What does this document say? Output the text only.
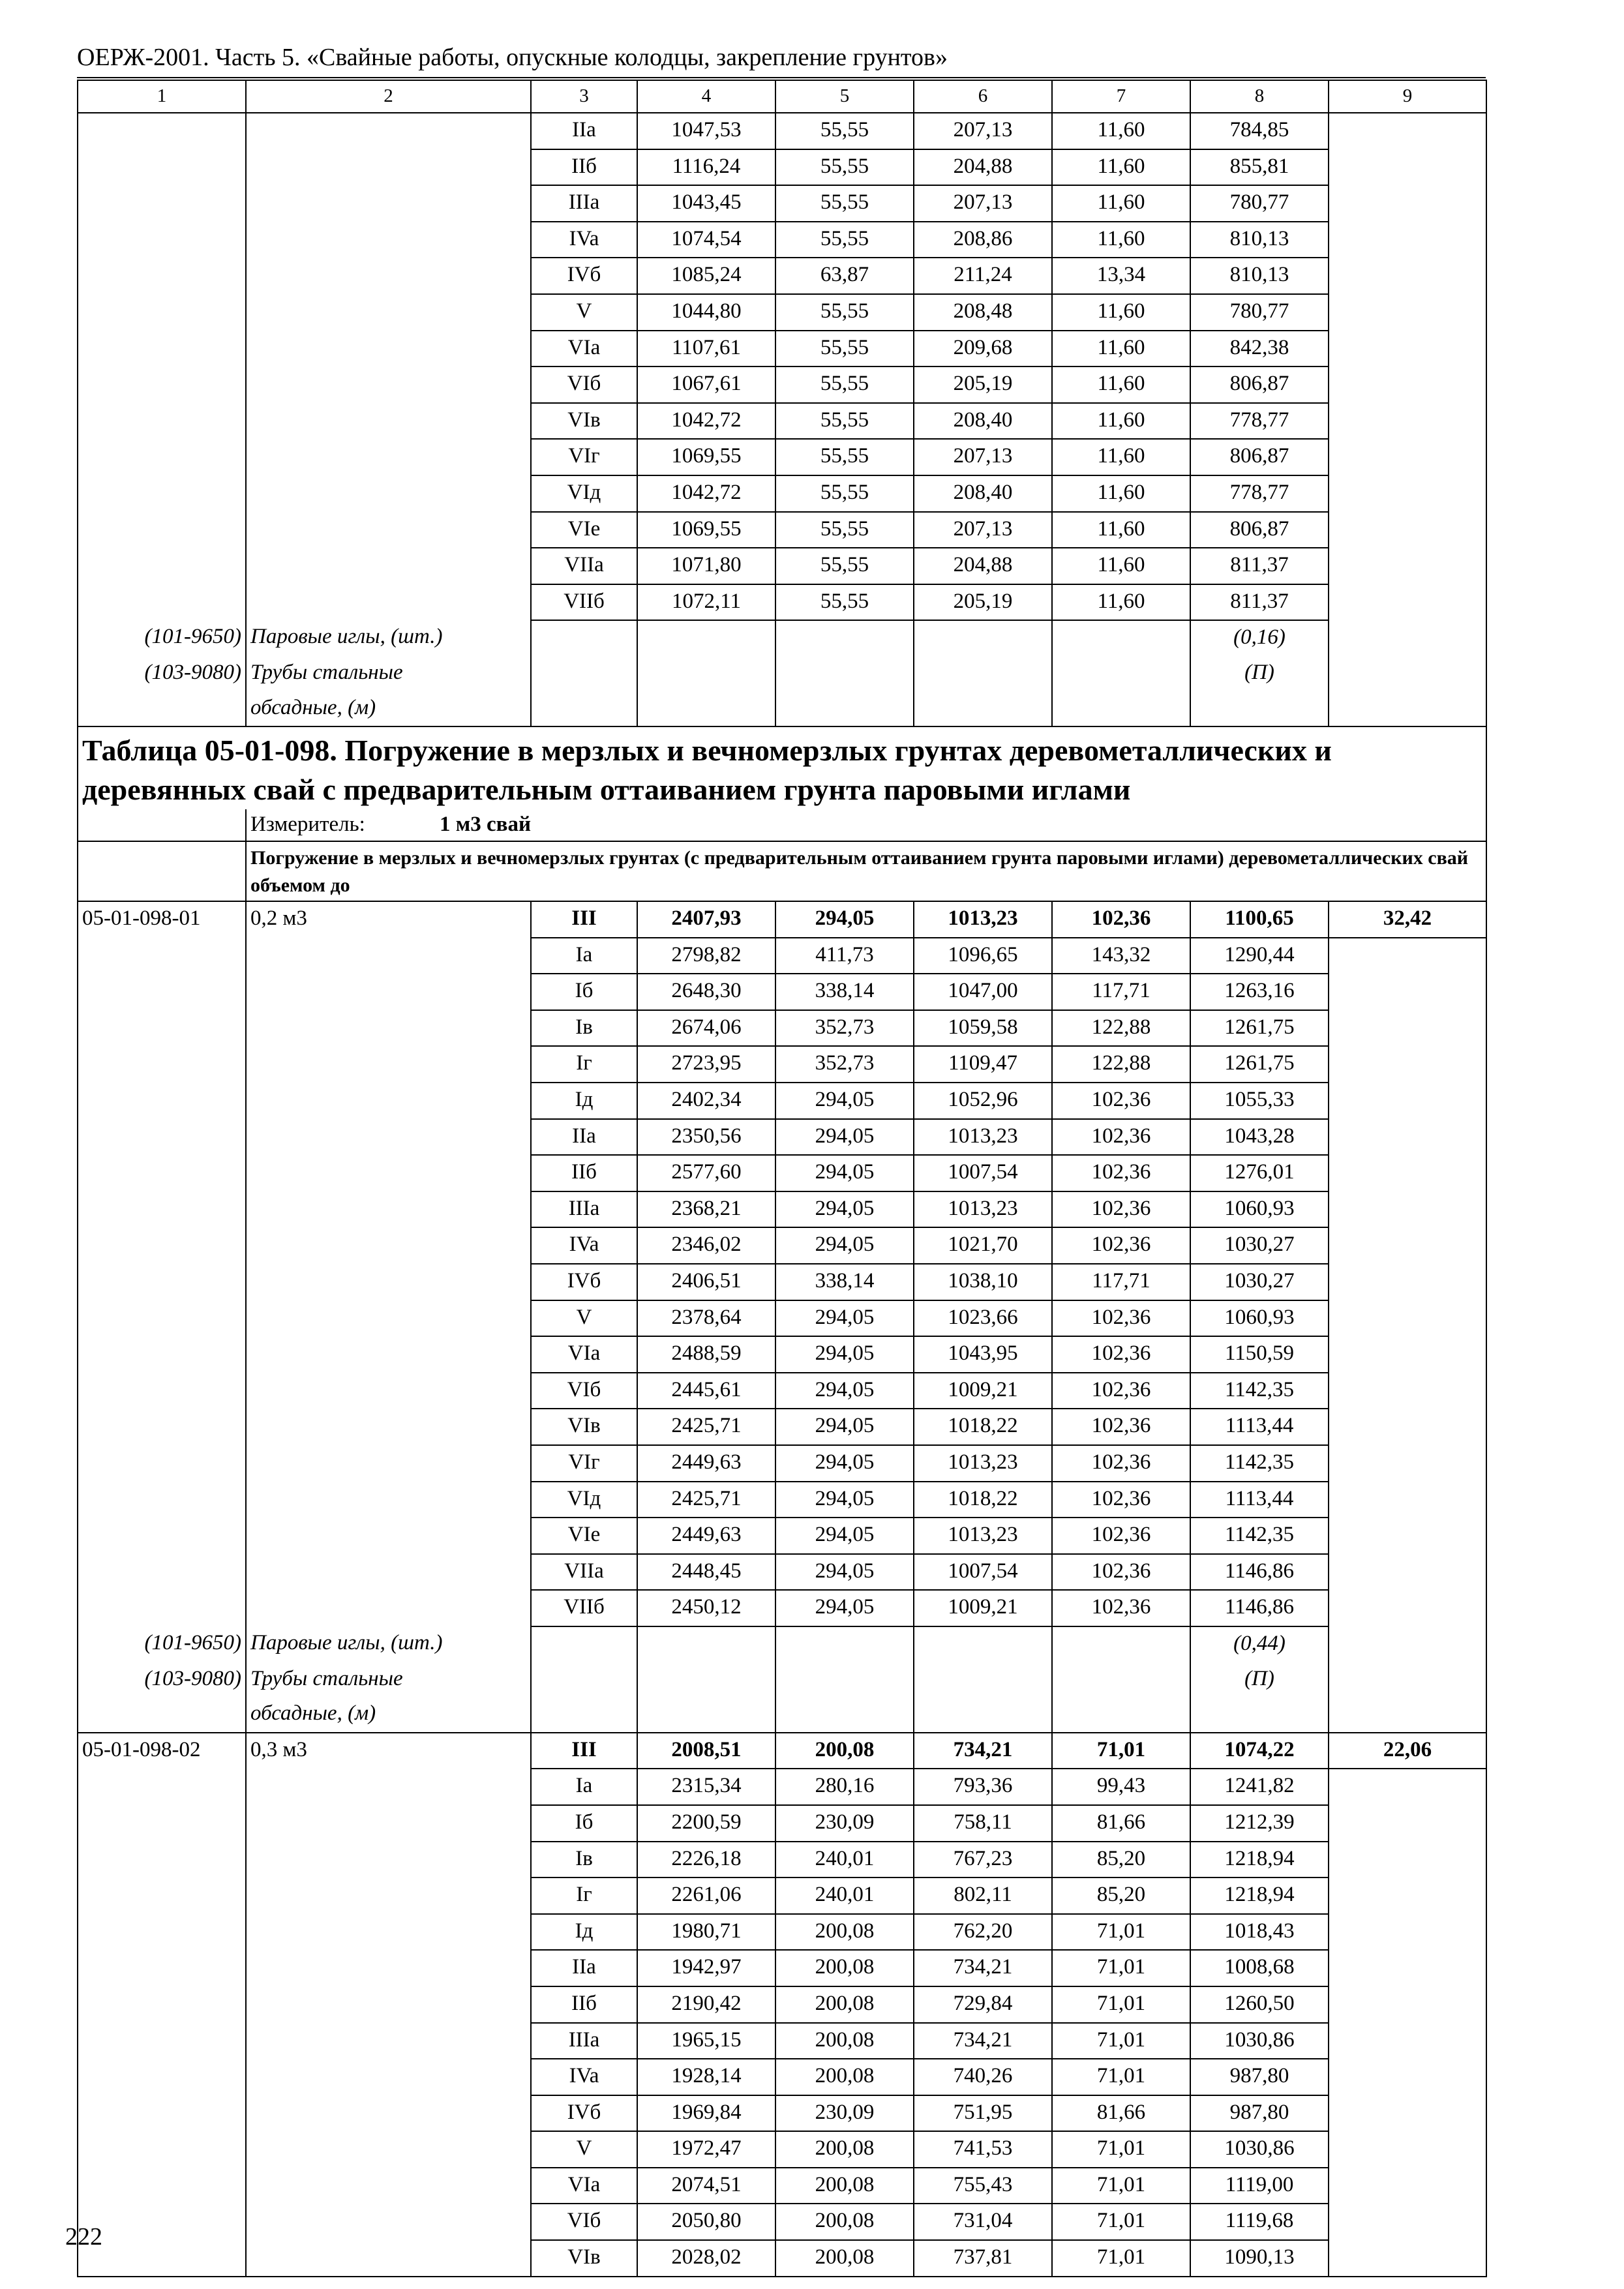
ОЕРЖ-2001. Часть 5. «Свайные работы, опускные колодцы, закрепление грунтов»
1	2	3	4	5	6	7	8	9
		IIa	1047,53	55,55	207,13	11,60	784,85	
		IIб	1116,24	55,55	204,88	11,60	855,81	
		IIIa	1043,45	55,55	207,13	11,60	780,77	
		IVa	1074,54	55,55	208,86	11,60	810,13	
		IVб	1085,24	63,87	211,24	13,34	810,13	
		V	1044,80	55,55	208,48	11,60	780,77	
		VIa	1107,61	55,55	209,68	11,60	842,38	
		VIб	1067,61	55,55	205,19	11,60	806,87	
		VIв	1042,72	55,55	208,40	11,60	778,77	
		VIг	1069,55	55,55	207,13	11,60	806,87	
		VIд	1042,72	55,55	208,40	11,60	778,77	
		VIe	1069,55	55,55	207,13	11,60	806,87	
		VIIa	1071,80	55,55	204,88	11,60	811,37	
		VIIб	1072,11	55,55	205,19	11,60	811,37	
(101-9650)	Паровые иглы, (шт.)						(0,16)	
(103-9080)	Трубы стальные						(П)	
	обсадные, (м)							
Таблица 05-01-098. Погружение в мерзлых и вечномерзлых грунтах деревометаллических и деревянных свай с предварительным оттаиванием грунта паровыми иглами								
	Измеритель: 1 м3 свай							
	Погружение в мерзлых и вечномерзлых грунтах (с предварительным оттаиванием грунта паровыми иглами) деревометаллических свай объемом до							
05-01-098-01	0,2 м3	III	2407,93	294,05	1013,23	102,36	1100,65	32,42
		Ia	2798,82	411,73	1096,65	143,32	1290,44	
		Iб	2648,30	338,14	1047,00	117,71	1263,16	
		Iв	2674,06	352,73	1059,58	122,88	1261,75	
		Iг	2723,95	352,73	1109,47	122,88	1261,75	
		Iд	2402,34	294,05	1052,96	102,36	1055,33	
		IIa	2350,56	294,05	1013,23	102,36	1043,28	
		IIб	2577,60	294,05	1007,54	102,36	1276,01	
		IIIa	2368,21	294,05	1013,23	102,36	1060,93	
		IVa	2346,02	294,05	1021,70	102,36	1030,27	
		IVб	2406,51	338,14	1038,10	117,71	1030,27	
		V	2378,64	294,05	1023,66	102,36	1060,93	
		VIa	2488,59	294,05	1043,95	102,36	1150,59	
		VIб	2445,61	294,05	1009,21	102,36	1142,35	
		VIв	2425,71	294,05	1018,22	102,36	1113,44	
		VIг	2449,63	294,05	1013,23	102,36	1142,35	
		VIд	2425,71	294,05	1018,22	102,36	1113,44	
		VIe	2449,63	294,05	1013,23	102,36	1142,35	
		VIIa	2448,45	294,05	1007,54	102,36	1146,86	
		VIIб	2450,12	294,05	1009,21	102,36	1146,86	
(101-9650)	Паровые иглы, (шт.)						(0,44)	
(103-9080)	Трубы стальные						(П)	
	обсадные, (м)							
05-01-098-02	0,3 м3	III	2008,51	200,08	734,21	71,01	1074,22	22,06
		Ia	2315,34	280,16	793,36	99,43	1241,82	
		Iб	2200,59	230,09	758,11	81,66	1212,39	
		Iв	2226,18	240,01	767,23	85,20	1218,94	
		Iг	2261,06	240,01	802,11	85,20	1218,94	
		Iд	1980,71	200,08	762,20	71,01	1018,43	
		IIa	1942,97	200,08	734,21	71,01	1008,68	
		IIб	2190,42	200,08	729,84	71,01	1260,50	
		IIIa	1965,15	200,08	734,21	71,01	1030,86	
		IVa	1928,14	200,08	740,26	71,01	987,80	
		IVб	1969,84	230,09	751,95	81,66	987,80	
		V	1972,47	200,08	741,53	71,01	1030,86	
		VIa	2074,51	200,08	755,43	71,01	1119,00	
		VIб	2050,80	200,08	731,04	71,01	1119,68	
		VIв	2028,02	200,08	737,81	71,01	1090,13	
222
